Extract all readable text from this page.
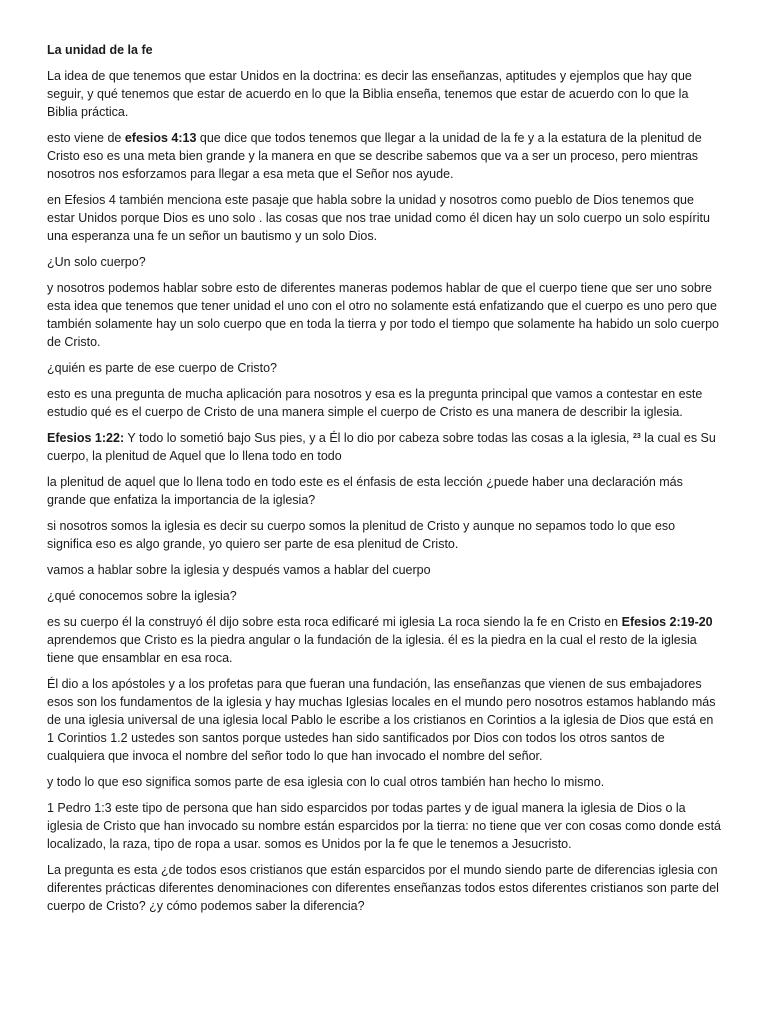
La unidad de la fe

La idea de que tenemos que estar Unidos en la doctrina: es decir las enseñanzas, aptitudes y ejemplos que hay que seguir, y qué tenemos que estar de acuerdo en lo que la Biblia enseña, tenemos que estar de acuerdo con lo que la Biblia práctica.

esto viene de efesios 4:13 que dice que todos tenemos que llegar a la unidad de la fe y a la estatura de la plenitud de Cristo eso es una meta bien grande y la manera en que se describe sabemos que va a ser un proceso, pero mientras nosotros nos esforzamos para llegar a esa meta que el Señor nos ayude.

en Efesios 4 también menciona este pasaje que habla sobre la unidad y nosotros como pueblo de Dios tenemos que estar Unidos porque Dios es uno solo . las cosas que nos trae unidad como él dicen hay un solo cuerpo un solo espíritu una esperanza una fe un señor un bautismo y un solo Dios.

¿Un solo cuerpo?

y nosotros podemos hablar sobre esto de diferentes maneras podemos hablar de que el cuerpo tiene que ser uno sobre esta idea que tenemos que tener unidad el uno con el otro no solamente está enfatizando que el cuerpo es uno pero que también solamente hay un solo cuerpo que en toda la tierra y por todo el tiempo que solamente ha habido un solo cuerpo de Cristo.

¿quién es parte de ese cuerpo de Cristo?

esto es una pregunta de mucha aplicación para nosotros y esa es la pregunta principal que vamos a contestar en este estudio qué es el cuerpo de Cristo de una manera simple el cuerpo de Cristo es una manera de describir la iglesia.

Efesios 1:22: Y todo lo sometió bajo Sus pies, y a Él lo dio por cabeza sobre todas las cosas a la iglesia, $^{23}$ la cual es Su cuerpo, la plenitud de Aquel que lo llena todo en todo

la plenitud de aquel que lo llena todo en todo este es el énfasis de esta lección ¿puede haber una declaración más grande que enfatiza la importancia de la iglesia?

si nosotros somos la iglesia es decir su cuerpo somos la plenitud de Cristo y aunque no sepamos todo lo que eso significa eso es algo grande, yo quiero ser parte de esa plenitud de Cristo.

vamos a hablar sobre la iglesia y después vamos a hablar del cuerpo

¿qué conocemos sobre la iglesia?

es su cuerpo él la construyó él dijo sobre esta roca edificaré mi iglesia La roca siendo la fe en Cristo en Efesios 2:19-20 aprendemos que Cristo es la piedra angular o la fundación de la iglesia. él es la piedra en la cual el resto de la iglesia tiene que ensamblar en esa roca.

Él dio a los apóstoles y a los profetas para que fueran una fundación, las enseñanzas que vienen de sus embajadores esos son los fundamentos de la iglesia y hay muchas Iglesias locales en el mundo pero nosotros estamos hablando más de una iglesia universal de una iglesia local Pablo le escribe a los cristianos en Corintios a la iglesia de Dios que está en 1 Corintios 1.2 ustedes son santos porque ustedes han sido santificados por Dios con todos los otros santos de cualquiera que invoca el nombre del señor todo lo que han invocado el nombre del señor.

y todo lo que eso significa somos parte de esa iglesia con lo cual otros también han hecho lo mismo.

1 Pedro 1:3 este tipo de persona que han sido esparcidos por todas partes y de igual manera la iglesia de Dios o la iglesia de Cristo que han invocado su nombre están esparcidos por la tierra: no tiene que ver con cosas como donde está localizado, la raza, tipo de ropa a usar. somos es Unidos por la fe que le tenemos a Jesucristo.

La pregunta es esta ¿de todos esos cristianos que están esparcidos por el mundo siendo parte de diferencias iglesia con diferentes prácticas diferentes denominaciones con diferentes enseñanzas todos estos diferentes cristianos son parte del cuerpo de Cristo? ¿y cómo podemos saber la diferencia?
